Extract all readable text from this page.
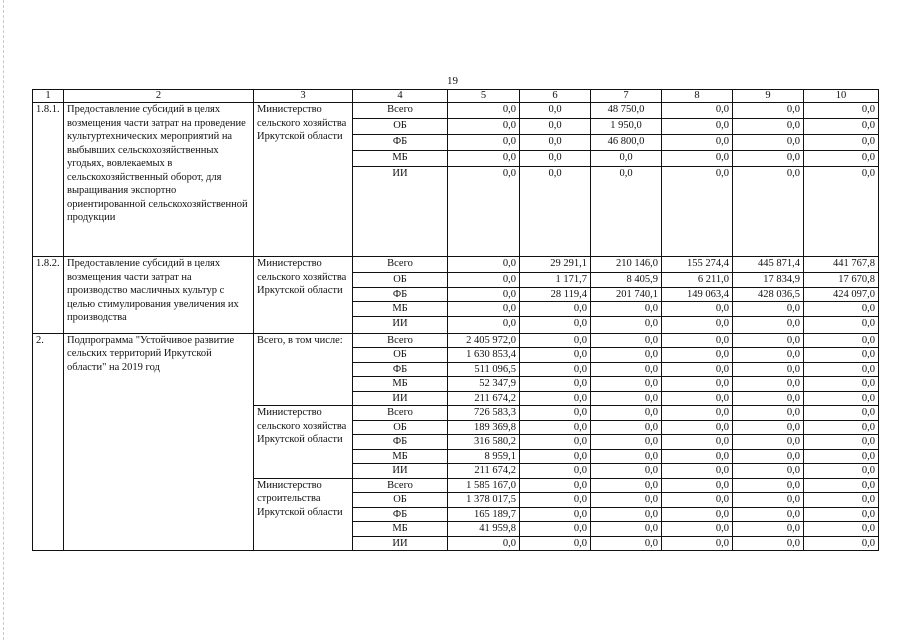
19
1	2	3	4	5	6	7	8	9	10
1.8.1.	Предоставление субсидий в целях возмещения части затрат на проведение культуртехнических мероприятий на выбывших сельскохозяйственных угодьях, вовлекаемых в сельскохозяйственный оборот, для выращивания экспортно ориентированной сельскохозяйственной продукции	Министерство сельского хозяйства Иркутской области	Всего	0,0	0,0	48 750,0	0,0	0,0	0,0
			ОБ	0,0	0,0	1 950,0	0,0	0,0	0,0
			ФБ	0,0	0,0	46 800,0	0,0	0,0	0,0
			МБ	0,0	0,0	0,0	0,0	0,0	0,0
			ИИ	0,0	0,0	0,0	0,0	0,0	0,0
1.8.2.	Предоставление субсидий в целях возмещения части затрат на производство масличных культур с целью стимулирования увеличения их производства	Министерство сельского хозяйства Иркутской области	Всего	0,0	29 291,1	210 146,0	155 274,4	445 871,4	441 767,8
			ОБ	0,0	1 171,7	8 405,9	6 211,0	17 834,9	17 670,8
			ФБ	0,0	28 119,4	201 740,1	149 063,4	428 036,5	424 097,0
			МБ	0,0	0,0	0,0	0,0	0,0	0,0
			ИИ	0,0	0,0	0,0	0,0	0,0	0,0
2.	Подпрограмма "Устойчивое развитие сельских территорий Иркутской области" на 2019 год	Всего, в том числе:	Всего	2 405 972,0	0,0	0,0	0,0	0,0	0,0
			ОБ	1 630 853,4	0,0	0,0	0,0	0,0	0,0
			ФБ	511 096,5	0,0	0,0	0,0	0,0	0,0
			МБ	52 347,9	0,0	0,0	0,0	0,0	0,0
			ИИ	211 674,2	0,0	0,0	0,0	0,0	0,0
		Министерство сельского хозяйства Иркутской области	Всего	726 583,3	0,0	0,0	0,0	0,0	0,0
			ОБ	189 369,8	0,0	0,0	0,0	0,0	0,0
			ФБ	316 580,2	0,0	0,0	0,0	0,0	0,0
			МБ	8 959,1	0,0	0,0	0,0	0,0	0,0
			ИИ	211 674,2	0,0	0,0	0,0	0,0	0,0
		Министерство строительства Иркутской области	Всего	1 585 167,0	0,0	0,0	0,0	0,0	0,0
			ОБ	1 378 017,5	0,0	0,0	0,0	0,0	0,0
			ФБ	165 189,7	0,0	0,0	0,0	0,0	0,0
			МБ	41 959,8	0,0	0,0	0,0	0,0	0,0
			ИИ	0,0	0,0	0,0	0,0	0,0	0,0
